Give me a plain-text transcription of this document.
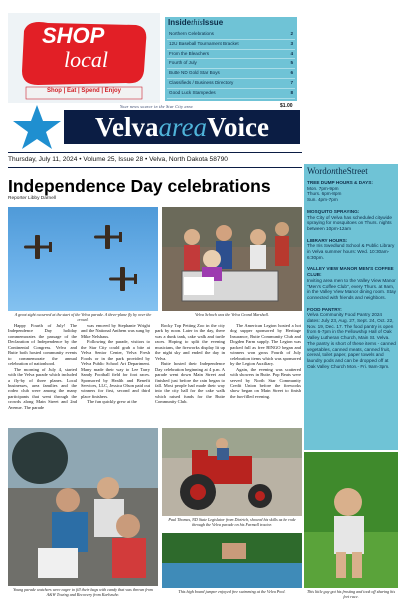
SHOP
local
Shop | Eat | Spend | Enjoy
InsidethisIssue
Northern Celebrations	2
12U Baseball Tournament Bracket	3
From the Bleachers	4
Fourth of July	5
Butte ND Gold Star Boys	6
Classifieds / Business Directory	7
Good Luck Stampedes	8
$1.00
VelvaareaVoice
Your news source in the Star City area
Thursday, July 11, 2024 • Volume 25, Issue 28 • Velva, North Dakota 58790
WordontheStreet
TREE DUMP HOURS & DAYS:
Mon. 7pm-9pm
Thurs. 6pm-8pm
Sun. 4pm-7pm
MOSQUITO SPRAYING:
The City of Velva has scheduled citywide spraying for mosquitoes on Thurs. nights between 10pm-12am
LIBRARY HOURS:
The Iris Swedlund School & Public Library in Velva summer hours: Wed. 10:30am-6:30pm.
VALLEY VIEW MANOR MEN'S COFFEE CLUB:
Inviting area men to the Valley View Manor "Men's Coffee Club", every Thurs. at 9am, in the Valley View Manor dining room. Stay connected with friends and neighbors.
FOOD PANTRY:
Velva Community Food Pantry 2024 dates: July 23, Aug. 27, Sept. 24, Oct. 22, Nov. 19, Dec. 17. The food pantry is open from 6-7pm in the Fellowship Hall of Oak Valley Lutheran Church, Main St. Velva. The pantry is short of these items - canned vegetables, canned meats, canned fruit, cereal, toilet paper, paper towels and laundry pods and can be dropped off at Oak Valley Church Mon.- Fri. 9am-3pm.
Independence Day celebrations
Reporter Libby Darnell
A great sight occurred at the start of the Velva parade. A three-plane fly by over the crowd.
Velva Schoch was the Velva Grand Marshall.

Happy Fourth of July! The Independence Day holiday commemorates the passage of the Declaration of Independence by the Continental Congress. Velva and Butte both hosted community events to commemorate the annual celebration of nationhood.

The morning of July 4, started with the Velva parade which included a fly-by of three planes. Local businesses, area families and the rodeo club were among the many participants that went through the crowds along Main Street and 2nd Avenue. The parade

was emceed by Stephanie Wright and the National Anthem was sung by Mike Nelshaus.

Following the parade, visitors to the Star City could grab a bite at Velva Senior Center, Velva Fresh Foods or in the park provided by Velva Public School Art Department. Many made their way to Lee Tarry Sandy Football field for foot races. Sponsored by Health and Benefit Services, LLC, Jessica Olson paid out winners for first, second and third place finishers.

The fun quickly grew at the

Rocky Top Petting Zoo in the city park by noon. Later in the day, there was a dunk tank, cake walk and turtle races. Hoping to split the evening musicians, the fireworks display lit up the night sky and ended the day in Velva.

Butte hosted their Independence Day celebration beginning at 4 p.m. A parade went down Main Street and finished just before the rain began to fall. Most people had made their way into the city hall for the cake walk which raised funds for the Butte Community Club.

The American Legion hosted a hot dog supper sponsored by Heritage Insurance, Butte Community Club and Dogden Farm supply. The Legion was packed full as free BINGO began and winners won gross Fourth of July celebration items which was sponsored by the Legion Auxiliary.

Again, the evening was scattered with showers in Butte. Pop Beats were served by North Star Community Credit Union before the fireworks show began on Main Street to finish the fun-filled evening.

Paul Thomas, ND State Legislator from Dietrich, showed his skills as he rode through the Velva parade on his Farmall tractor.
This high board jumper enjoyed free swimming at the Velva Pool.
Young parade watchers were eager to fill their bags with candy that was thrown from A&W Towing and Recovery from Karlsruhe.
This little guy got his frosting and took off sharing his feet race.
